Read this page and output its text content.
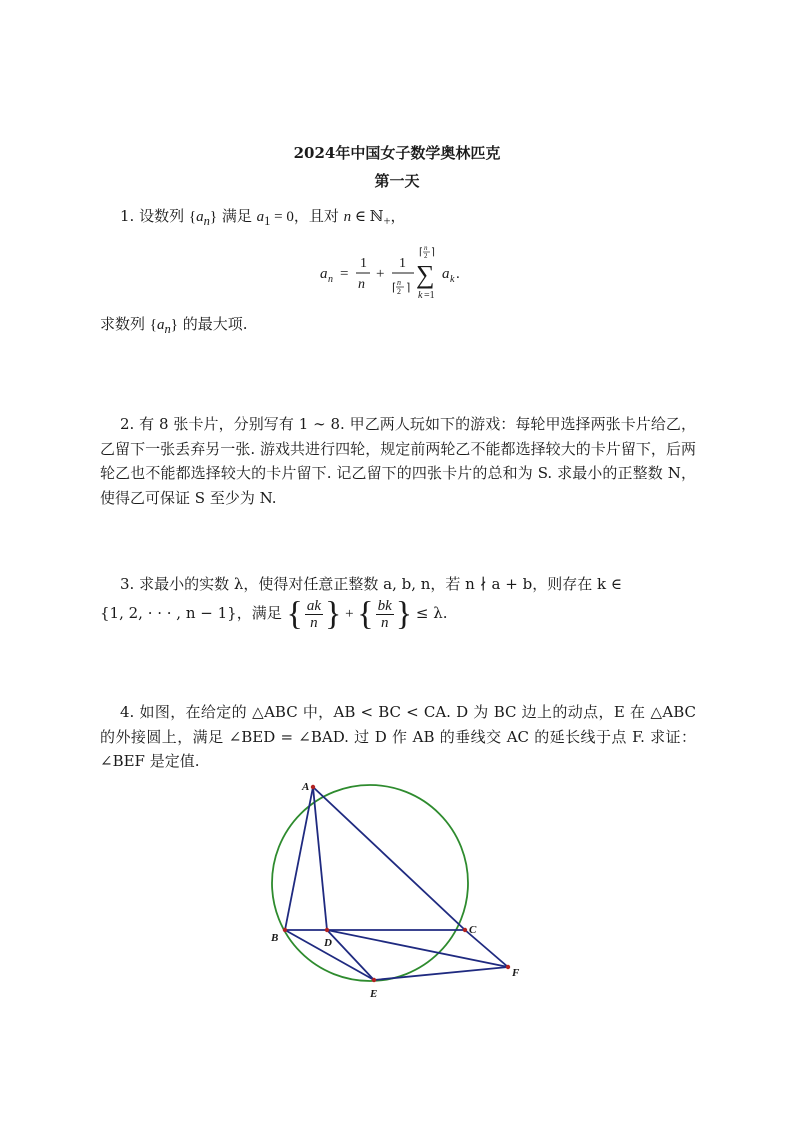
2024年中国女子数学奥林匹克
第一天
1. 设数列 $\{a_n\}$ 满足 $a_1 = 0$，且对 n ∈ ℕ$_+$，
a n =
1
n
+
1
⌈ n
2 ⌉ ∑
⌈ n
2 ⌉
k =1
a k .
求数列 $\{a_n\}$ 的最大项.
2. 有 8 张卡片，分别写有 1 ∼ 8. 甲乙两人玩如下的游戏：每轮甲选择两张卡片给乙，乙留下一张丢弃另一张. 游戏共进行四轮，规定前两轮乙不能都选择较大的卡片留下，后两轮乙也不能都选择较大的卡片留下. 记乙留下的四张卡片的总和为 S. 求最小的正整数 N，使得乙可保证 S 至少为 N.
3. 求最小的实数 λ，使得对任意正整数 a, b, n，若 n ∤ a + b，则存在 k ∈
{1, 2, · · · , n − 1}，满足 { $\frac{ak}{n}$ } + { $\frac{bk}{n}$ } ≤ λ.
4. 如图，在给定的 △ABC 中，AB < BC < CA. D 为 BC 边上的动点，E 在 △ABC 的外接圆上，满足 ∠BED = ∠BAD. 过 D 作 AB 的垂线交 AC 的延长线于点 F. 求证：∠BEF 是定值.
A
B
C
D
E
F
